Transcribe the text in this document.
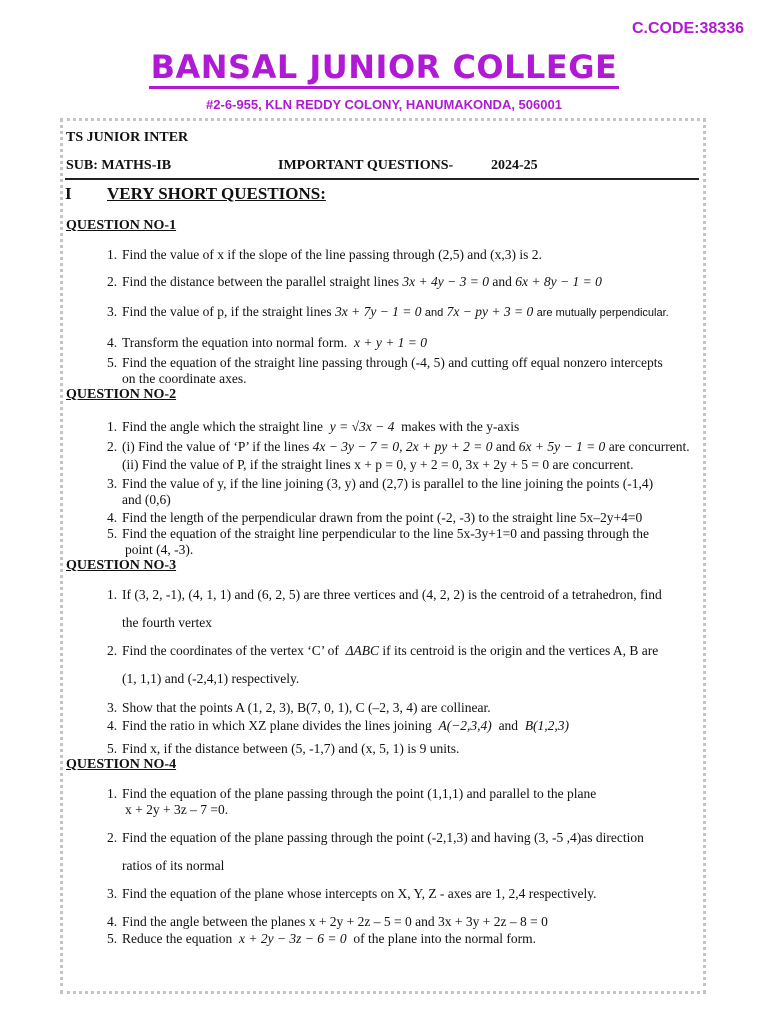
C.CODE:38336
BANSAL JUNIOR COLLEGE
#2-6-955, KLN REDDY COLONY, HANUMAKONDA, 506001
TS JUNIOR INTER
SUB: MATHS-IB	IMPORTANT QUESTIONS-	2024-25
I VERY SHORT QUESTIONS:
QUESTION NO-1
1. Find the value of x if the slope of the line passing through (2,5) and (x,3) is 2.
2. Find the distance between the parallel straight lines 3x + 4y − 3 = 0 and 6x + 8y − 1 = 0
3. Find the value of p, if the straight lines 3x + 7y − 1 = 0 and 7x − py + 3 = 0 are mutually perpendicular.
4. Transform the equation into normal form. x + y + 1 = 0
5. Find the equation of the straight line passing through (-4, 5) and cutting off equal nonzero intercepts
on the coordinate axes.
QUESTION NO-2
1. Find the angle which the straight line y = √3x − 4 makes with the y-axis
2. (i) Find the value of ‘P’ if the lines 4x − 3y − 7 = 0, 2x + py + 2 = 0 and 6x + 5y − 1 = 0 are concurrent.
(ii) Find the value of P, if the straight lines x + p = 0, y + 2 = 0, 3x + 2y + 5 = 0 are concurrent.
3. Find the value of y, if the line joining (3, y) and (2,7) is parallel to the line joining the points (-1,4)
and (0,6)
4. Find the length of the perpendicular drawn from the point (-2, -3) to the straight line 5x–2y+4=0
5. Find the equation of the straight line perpendicular to the line 5x-3y+1=0 and passing through the
point (4, -3).
QUESTION NO-3
1. If (3, 2, -1), (4, 1, 1) and (6, 2, 5) are three vertices and (4, 2, 2) is the centroid of a tetrahedron, find
the fourth vertex
2. Find the coordinates of the vertex ‘C’ of ΔABC if its centroid is the origin and the vertices A, B are
(1, 1,1) and (-2,4,1) respectively.
3. Show that the points A (1, 2, 3), B(7, 0, 1), C (–2, 3, 4) are collinear.
4. Find the ratio in which XZ plane divides the lines joining A(−2,3,4) and B(1,2,3)
5. Find x, if the distance between (5, -1,7) and (x, 5, 1) is 9 units.
QUESTION NO-4
1. Find the equation of the plane passing through the point (1,1,1) and parallel to the plane
x + 2y + 3z – 7 =0.
2. Find the equation of the plane passing through the point (-2,1,3) and having (3, -5 ,4)as direction
ratios of its normal
3. Find the equation of the plane whose intercepts on X, Y, Z - axes are 1, 2,4 respectively.
4. Find the angle between the planes x + 2y + 2z – 5 = 0 and 3x + 3y + 2z – 8 = 0
5. Reduce the equation x + 2y − 3z − 6 = 0 of the plane into the normal form.
